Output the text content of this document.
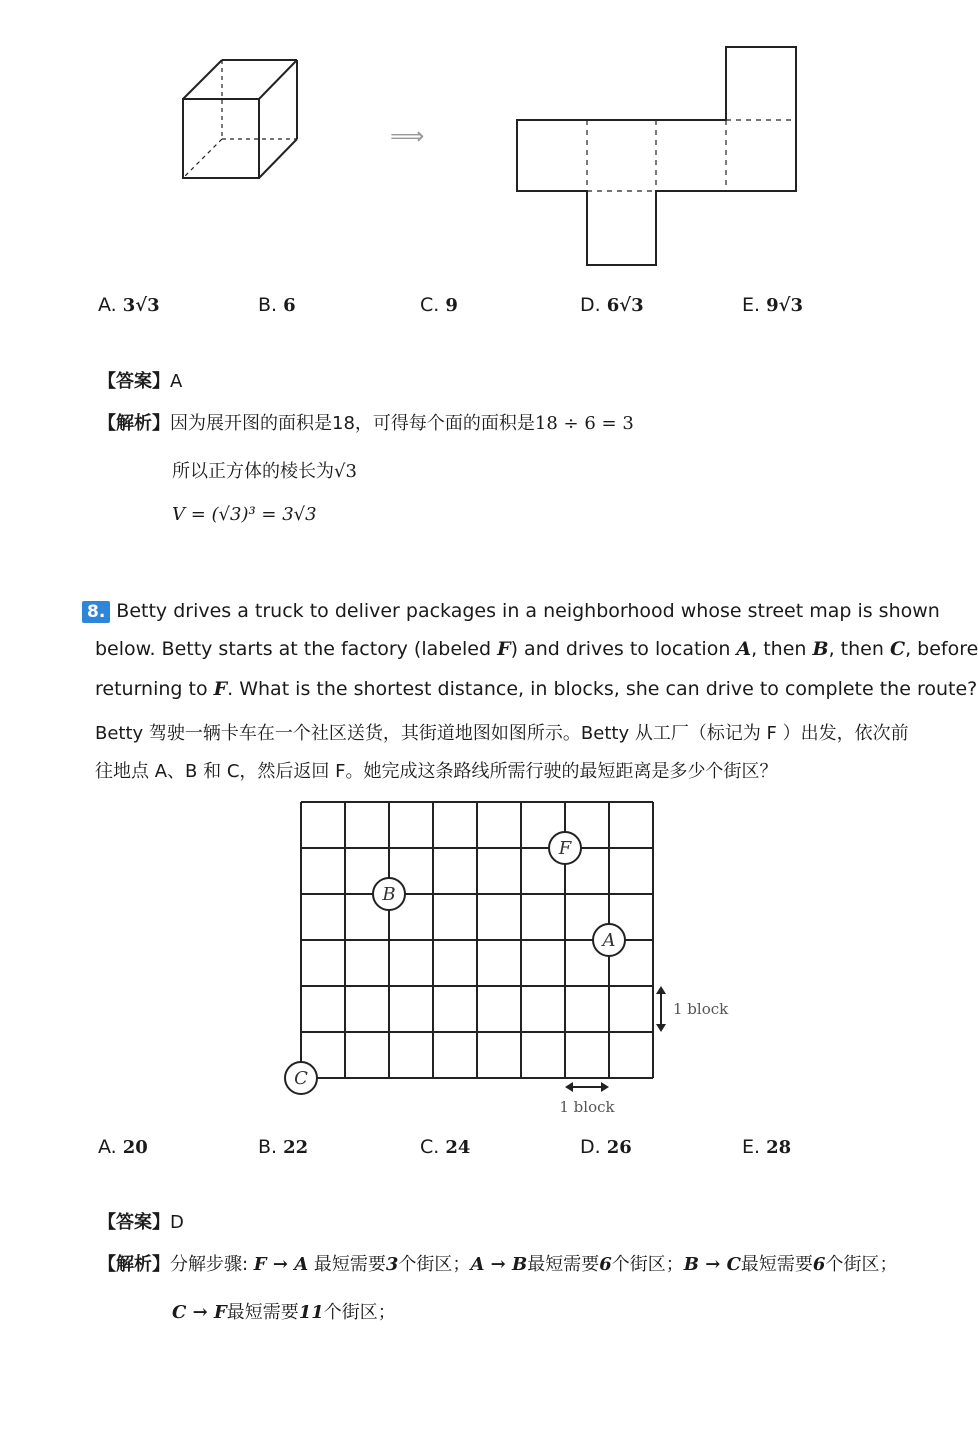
⟹
A. 3√3	B. 6	C. 9	D. 6√3	E. 9√3
【答案】A
【解析】因为展开图的面积是18，可得每个面的面积是18 ÷ 6 = 3
所以正方体的棱长为√3
V = (√3)³ = 3√3
8. Betty drives a truck to deliver packages in a neighborhood whose street map is shown
below. Betty starts at the factory (labeled F) and drives to location A, then B, then C, before
returning to F. What is the shortest distance, in blocks, she can drive to complete the route?
Betty 驾驶一辆卡车在一个社区送货，其街道地图如图所示。Betty 从工厂（标记为 F ）出发，依次前
往地点 A、B 和 C，然后返回 F。她完成这条路线所需行驶的最短距离是多少个街区？
F
B
A
C
1 block
1 block
A. 20	B. 22	C. 24	D. 26	E. 28
【答案】D
【解析】分解步骤: F → A 最短需要3个街区；A → B最短需要6个街区；B → C最短需要6个街区；
C → F最短需要11个街区；
